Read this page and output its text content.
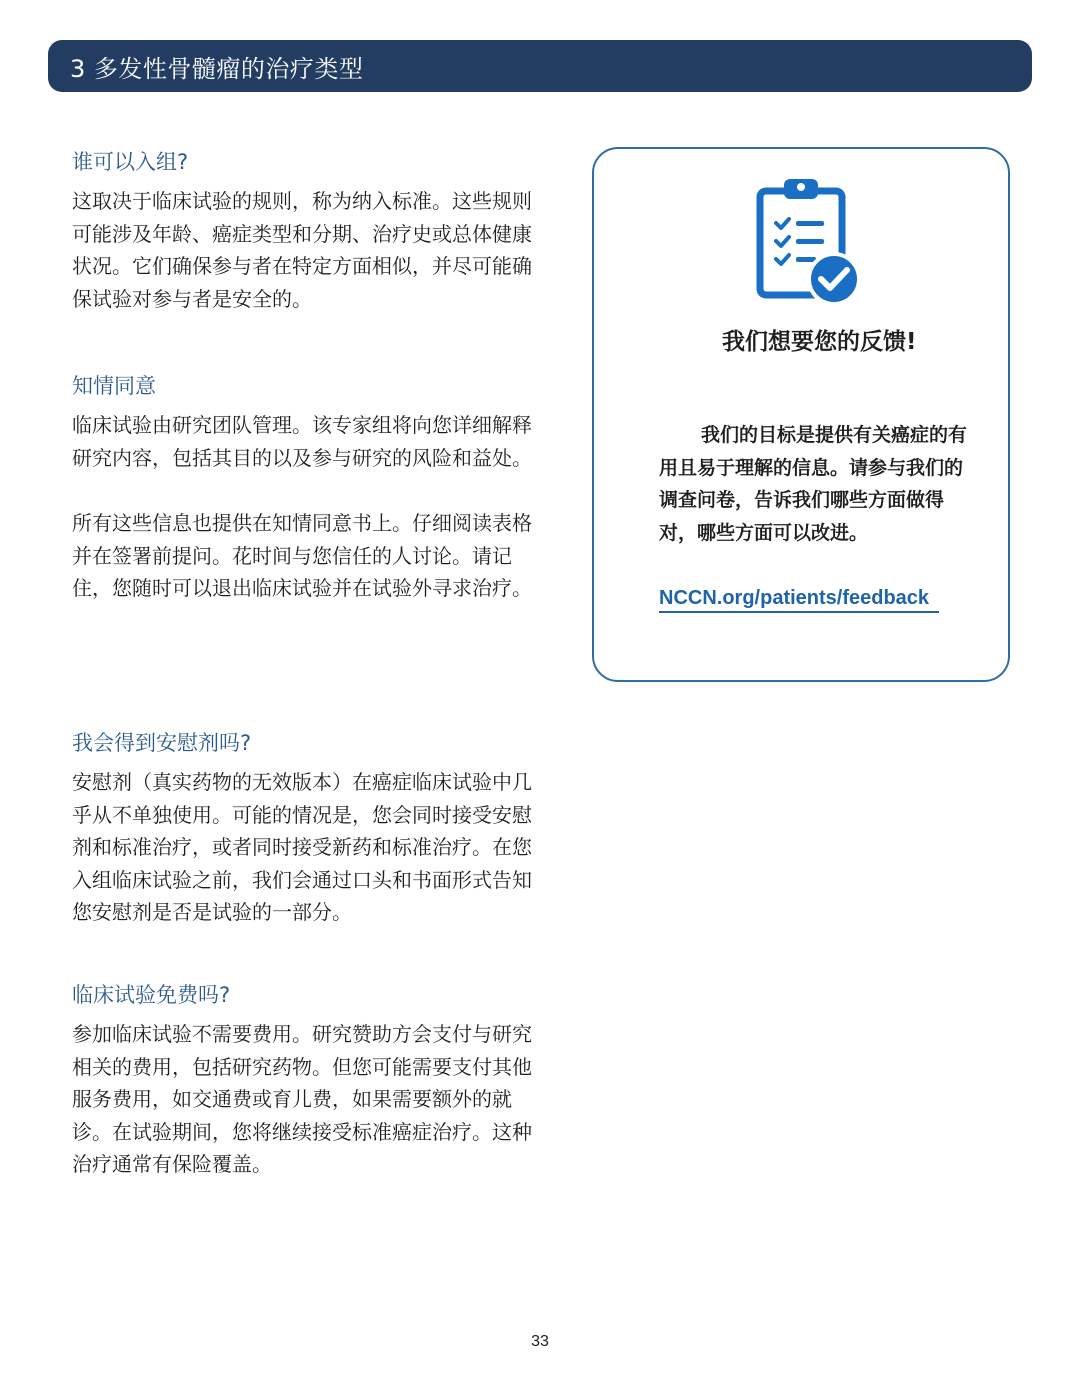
3 多发性骨髓瘤的治疗类型
谁可以入组?

这取决于临床试验的规则，称为纳入标准。这些规则可能涉及年龄、癌症类型和分期、治疗史或总体健康状况。它们确保参与者在特定方面相似，并尽可能确保试验对参与者是安全的。

知情同意

临床试验由研究团队管理。该专家组将向您详细解释研究内容，包括其目的以及参与研究的风险和益处。

所有这些信息也提供在知情同意书上。仔细阅读表格并在签署前提问。花时间与您信任的人讨论。请记住，您随时可以退出临床试验并在试验外寻求治疗。

我会得到安慰剂吗?

安慰剂（真实药物的无效版本）在癌症临床试验中几乎从不单独使用。可能的情况是，您会同时接受安慰剂和标准治疗，或者同时接受新药和标准治疗。在您入组临床试验之前，我们会通过口头和书面形式告知您安慰剂是否是试验的一部分。

临床试验免费吗?

参加临床试验不需要费用。研究赞助方会支付与研究相关的费用，包括研究药物。但您可能需要支付其他服务费用，如交通费或育儿费，如果需要额外的就诊。在试验期间，您将继续接受标准癌症治疗。这种治疗通常有保险覆盖。

我们想要您的反馈!

我们的目标是提供有关癌症的有用且易于理解的信息。请参与我们的调查问卷，告诉我们哪些方面做得对，哪些方面可以改进。

NCCN.org/patients/feedback
33
